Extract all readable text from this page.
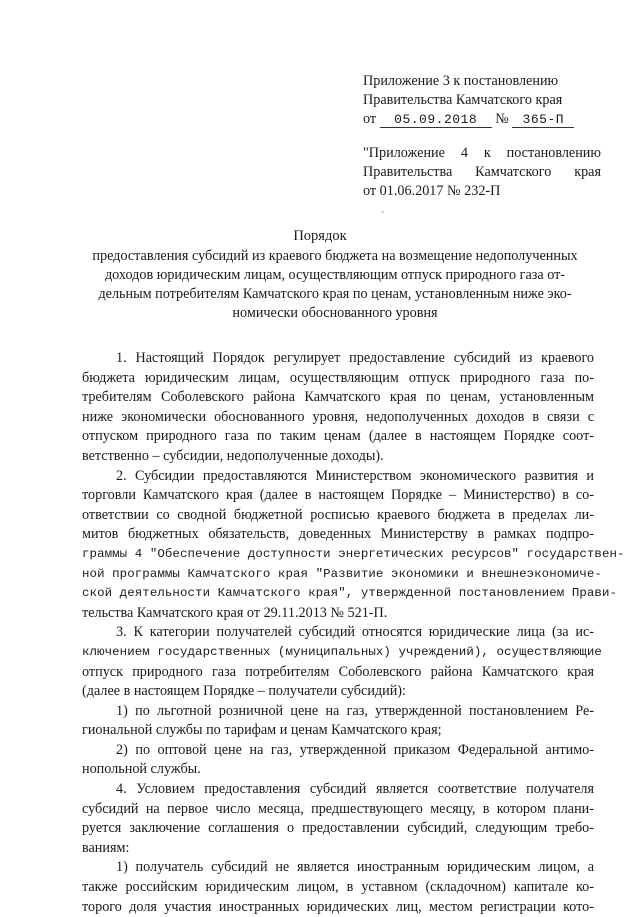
Приложение 3 к постановлению
Правительства Камчатского края
от 05.09.2018 № 365-П
"Приложение 4 к постановлению
Правительства Камчатского края
от 01.06.2017 № 232-П
'
Порядок
предоставления субсидий из краевого бюджета на возмещение недополученных
доходов юридическим лицам, осуществляющим отпуск природного газа от-
дельным потребителям Камчатского края по ценам, установленным ниже эко-
номически обоснованного уровня
1. Настоящий Порядок регулирует предоставление субсидий из краевого
бюджета юридическим лицам, осуществляющим отпуск природного газа по-
требителям Соболевского района Камчатского края по ценам, установленным
ниже экономически обоснованного уровня, недополученных доходов в связи с
отпуском природного газа по таким ценам (далее в настоящем Порядке соот-
ветственно – субсидии, недополученные доходы).
2. Субсидии предоставляются Министерством экономического развития и
торговли Камчатского края (далее в настоящем Порядке – Министерство) в со-
ответствии со сводной бюджетной росписью краевого бюджета в пределах ли-
митов бюджетных обязательств, доведенных Министерству в рамках подпро-
граммы 4 "Обеспечение доступности энергетических ресурсов" государствен-
ной программы Камчатского края "Развитие экономики и внешнеэкономиче-
ской деятельности Камчатского края", утвержденной постановлением Прави-
тельства Камчатского края от 29.11.2013 № 521-П.
3. К категории получателей субсидий относятся юридические лица (за ис-
ключением государственных (муниципальных) учреждений), осуществляющие
отпуск природного газа потребителям Соболевского района Камчатского края
(далее в настоящем Порядке – получатели субсидий):
1) по льготной розничной цене на газ, утвержденной постановлением Ре-
гиональной службы по тарифам и ценам Камчатского края;
2) по оптовой цене на газ, утвержденной приказом Федеральной антимо-
нопольной службы.
4. Условием предоставления субсидий является соответствие получателя
субсидий на первое число месяца, предшествующего месяцу, в котором плани-
руется заключение соглашения о предоставлении субсидий, следующим требо-
ваниям:
1) получатель субсидий не является иностранным юридическим лицом, а
также российским юридическим лицом, в уставном (складочном) капитале ко-
торого доля участия иностранных юридических лиц, местом регистрации кото-
